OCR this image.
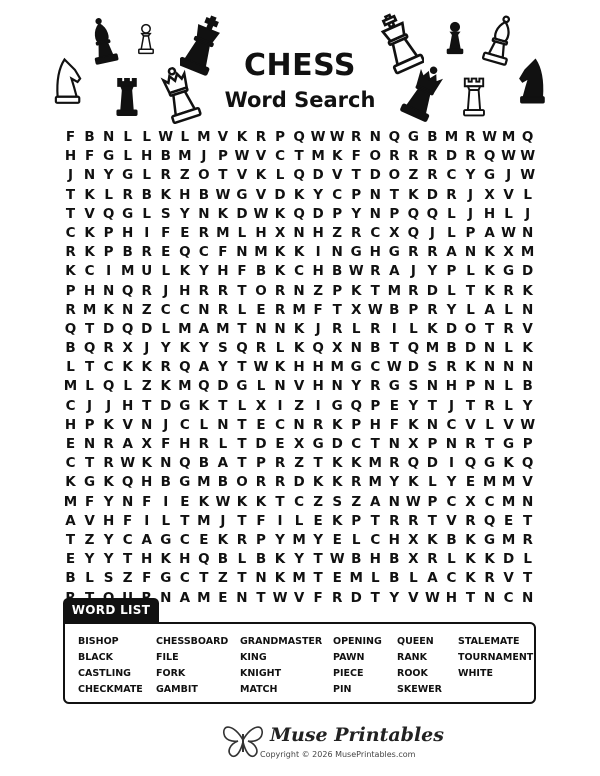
CHESS
Word Search
F B N L L W L M V K R P Q W W R N Q G B M R W M Q
H F G L H B M J P W V C T M K F O R R R D R Q W W
J N Y G L R Z O T V K L Q D V T D O Z R C Y G J W
T K L R B K H B W G V D K Y C P N T K D R J X V L
T V Q G L S Y N K D W K Q D P Y N P Q Q L J H L J
C K P H I F E R M L H X N H Z R C X Q J L P A W N
R K P B R E Q C F N M K K I N G H G R R A N K X M
K C I M U L K Y H F B K C H B W R A J Y P L K G D
P H N Q R J H R R T O R N Z P K T M R D L T K R K
R M K N Z C C N R L E R M F T X W B P R Y L A L N
Q T D Q D L M A M T N N K J R L R I L K D O T R V
B Q R X J Y K Y S Q R L K Q X N B T Q M B D N L K
L T C K K R Q A Y T W K H H M G C W D S R K N N N
M L Q L Z K M Q D G L N V H N Y R G S N H P N L B
C J	J H T D G K T L X I Z I G Q P E Y T J T R L Y
H P K V N J C L N T E C N R K P H F K N C V L V W
E N R A X F H R L T D E X G D C T N X P N R T G P
C T R W K N Q B A T P R Z T K K M R Q D I Q G K Q
K G K Q H B G M B O R R D K K R M Y K L Y E M M V
M F Y N F I E K W K K T C Z S Z A N W P C X C M N
A V H F I L T M J T F I L E K P T R R T V R Q E T
T Z Y C A G C E K R P Y M Y E L C H X K B K G M R
E Y Y T H K H Q B L B K Y T W B H B X R L K K D L
B L S Z F G C T Z T N K M T E M L B L A C K R V T
N A M E N T W V F R D T Y V W H T N C N
WORD LIST
BISHOP
BLACK
CASTLING
CHECKMATE
CHESSBOARD
FILE
FORK
GAMBIT
GRANDMASTER
KING
KNIGHT
MATCH
OPENING
PAWN
PIECE
PIN
QUEEN
RANK
ROOK
SKEWER
STALEMATE
TOURNAMENT
WHITE
Muse Printables
Copyright © 2026 MusePrintables.com
